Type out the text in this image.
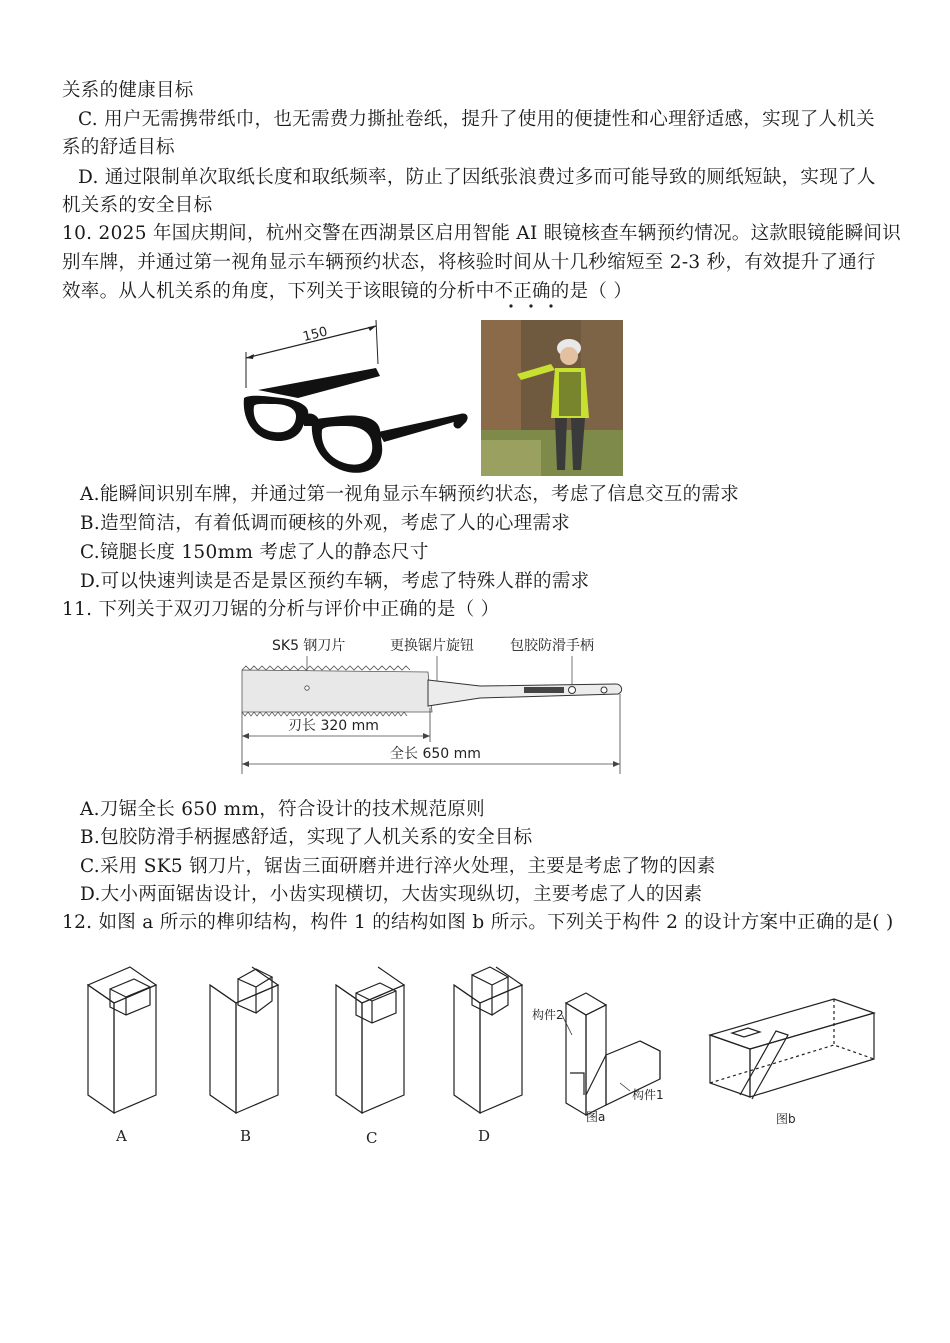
关系的健康目标
C. 用户无需携带纸巾，也无需费力撕扯卷纸，提升了使用的便捷性和心理舒适感，实现了人机关
系的舒适目标
D. 通过限制单次取纸长度和取纸频率，防止了因纸张浪费过多而可能导致的厕纸短缺，实现了人
机关系的安全目标
10. 2025 年国庆期间，杭州交警在西湖景区启用智能 AI 眼镜核查车辆预约情况。这款眼镜能瞬间识
别车牌，并通过第一视角显示车辆预约状态，将核验时间从十几秒缩短至 2-3 秒，有效提升了通行
效率。从人机关系的角度，下列关于该眼镜的分析中不正确的是（ ）
150
A.能瞬间识别车牌，并通过第一视角显示车辆预约状态，考虑了信息交互的需求
B.造型简洁，有着低调而硬核的外观，考虑了人的心理需求
C.镜腿长度 150mm 考虑了人的静态尺寸
D.可以快速判读是否是景区预约车辆，考虑了特殊人群的需求
11. 下列关于双刃刀锯的分析与评价中正确的是（ ）
SK5 钢刀片	更换锯片旋钮	包胶防滑手柄
刃长 320 mm
全长 650 mm
A.刀锯全长 650 mm，符合设计的技术规范原则
B.包胶防滑手柄握感舒适，实现了人机关系的安全目标
C.采用 SK5 钢刀片，锯齿三面研磨并进行淬火处理，主要是考虑了物的因素
D.大小两面锯齿设计，小齿实现横切，大齿实现纵切，主要考虑了人的因素
12. 如图 a 所示的榫卯结构，构件 1 的结构如图 b 所示。下列关于构件 2 的设计方案中正确的是( )
A	B	C	D
构件2
构件1
图a	图b
